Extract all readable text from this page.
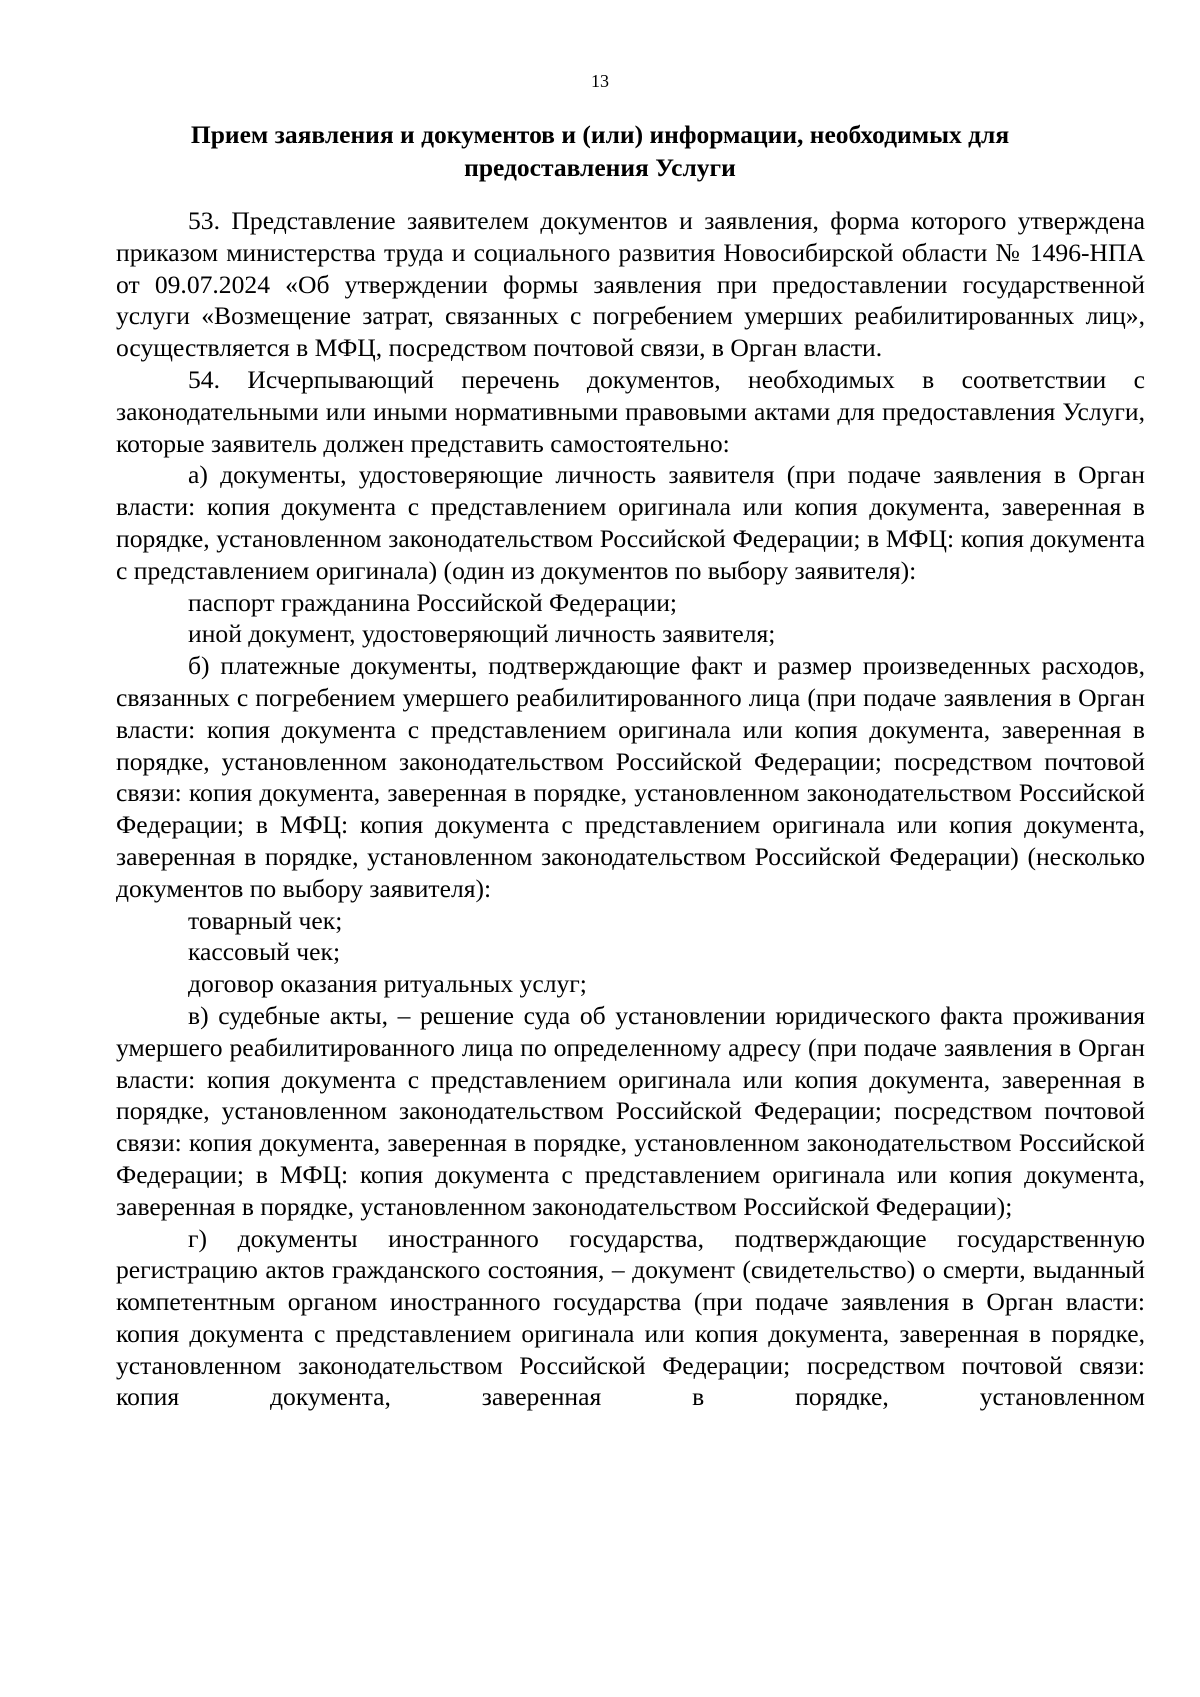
13
Прием заявления и документов и (или) информации, необходимых для предоставления Услуги

53. Представление заявителем документов и заявления, форма которого утверждена приказом министерства труда и социального развития Новосибирской области № 1496-НПА от 09.07.2024 «Об утверждении формы заявления при предоставлении государственной услуги «Возмещение затрат, связанных с погребением умерших реабилитированных лиц», осуществляется в МФЦ, посредством почтовой связи, в Орган власти.

54. Исчерпывающий перечень документов, необходимых в соответствии с законодательными или иными нормативными правовыми актами для предоставления Услуги, которые заявитель должен представить самостоятельно:

а) документы, удостоверяющие личность заявителя (при подаче заявления в Орган власти: копия документа с представлением оригинала или копия документа, заверенная в порядке, установленном законодательством Российской Федерации; в МФЦ: копия документа с представлением оригинала) (один из документов по выбору заявителя):

паспорт гражданина Российской Федерации;

иной документ, удостоверяющий личность заявителя;

б) платежные документы, подтверждающие факт и размер произведенных расходов, связанных с погребением умершего реабилитированного лица (при подаче заявления в Орган власти: копия документа с представлением оригинала или копия документа, заверенная в порядке, установленном законодательством Российской Федерации; посредством почтовой связи: копия документа, заверенная в порядке, установленном законодательством Российской Федерации; в МФЦ: копия документа с представлением оригинала или копия документа, заверенная в порядке, установленном законодательством Российской Федерации) (несколько документов по выбору заявителя):

товарный чек;

кассовый чек;

договор оказания ритуальных услуг;

в) судебные акты, – решение суда об установлении юридического факта проживания умершего реабилитированного лица по определенному адресу (при подаче заявления в Орган власти: копия документа с представлением оригинала или копия документа, заверенная в порядке, установленном законодательством Российской Федерации; посредством почтовой связи: копия документа, заверенная в порядке, установленном законодательством Российской Федерации; в МФЦ: копия документа с представлением оригинала или копия документа, заверенная в порядке, установленном законодательством Российской Федерации);

г) документы иностранного государства, подтверждающие государственную регистрацию актов гражданского состояния, – документ (свидетельство) о смерти, выданный компетентным органом иностранного государства (при подаче заявления в Орган власти: копия документа с представлением оригинала или копия документа, заверенная в порядке, установленном законодательством Российской Федерации; посредством почтовой связи: копия документа, заверенная в порядке, установленном
